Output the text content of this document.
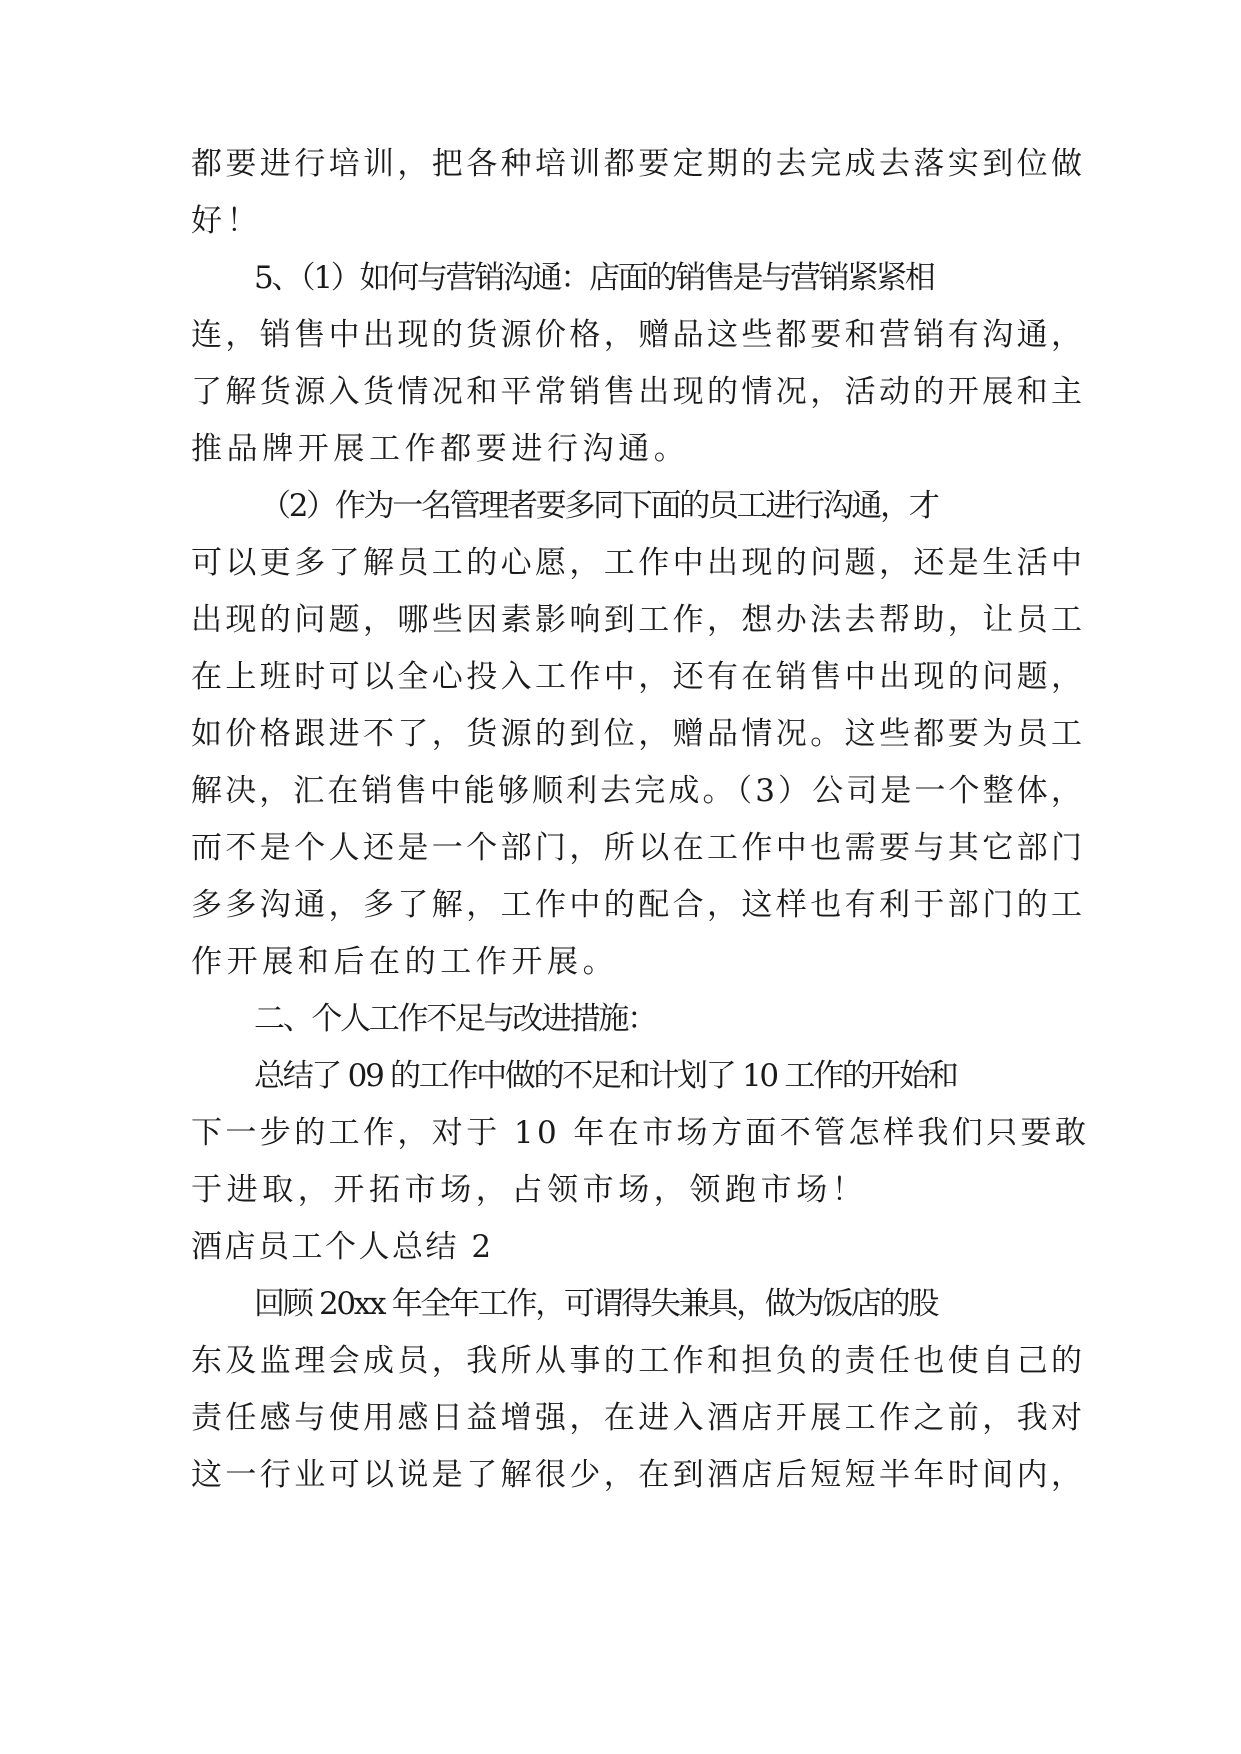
都要进行培训，把各种培训都要定期的去完成去落实到位做
好！
5、（1）如何与营销沟通：店面的销售是与营销紧紧相
连，销售中出现的货源价格，赠品这些都要和营销有沟通，
了解货源入货情况和平常销售出现的情况，活动的开展和主
推品牌开展工作都要进行沟通。
（2）作为一名管理者要多同下面的员工进行沟通，才
可以更多了解员工的心愿，工作中出现的问题，还是生活中
出现的问题，哪些因素影响到工作，想办法去帮助，让员工
在上班时可以全心投入工作中，还有在销售中出现的问题，
如价格跟进不了，货源的到位，赠品情况。这些都要为员工
解决，汇在销售中能够顺利去完成。（3）公司是一个整体，
而不是个人还是一个部门，所以在工作中也需要与其它部门
多多沟通，多了解，工作中的配合，这样也有利于部门的工
作开展和后在的工作开展。
二、个人工作不足与改进措施：
总结了 09 的工作中做的不足和计划了 10 工作的开始和
下一步的工作，对于 10 年在市场方面不管怎样我们只要敢
于进取，开拓市场，占领市场，领跑市场！
酒店员工个人总结 2
回顾 20xx 年全年工作，可谓得失兼具，做为饭店的股
东及监理会成员，我所从事的工作和担负的责任也使自己的
责任感与使用感日益增强，在进入酒店开展工作之前，我对
这一行业可以说是了解很少，在到酒店后短短半年时间内，
